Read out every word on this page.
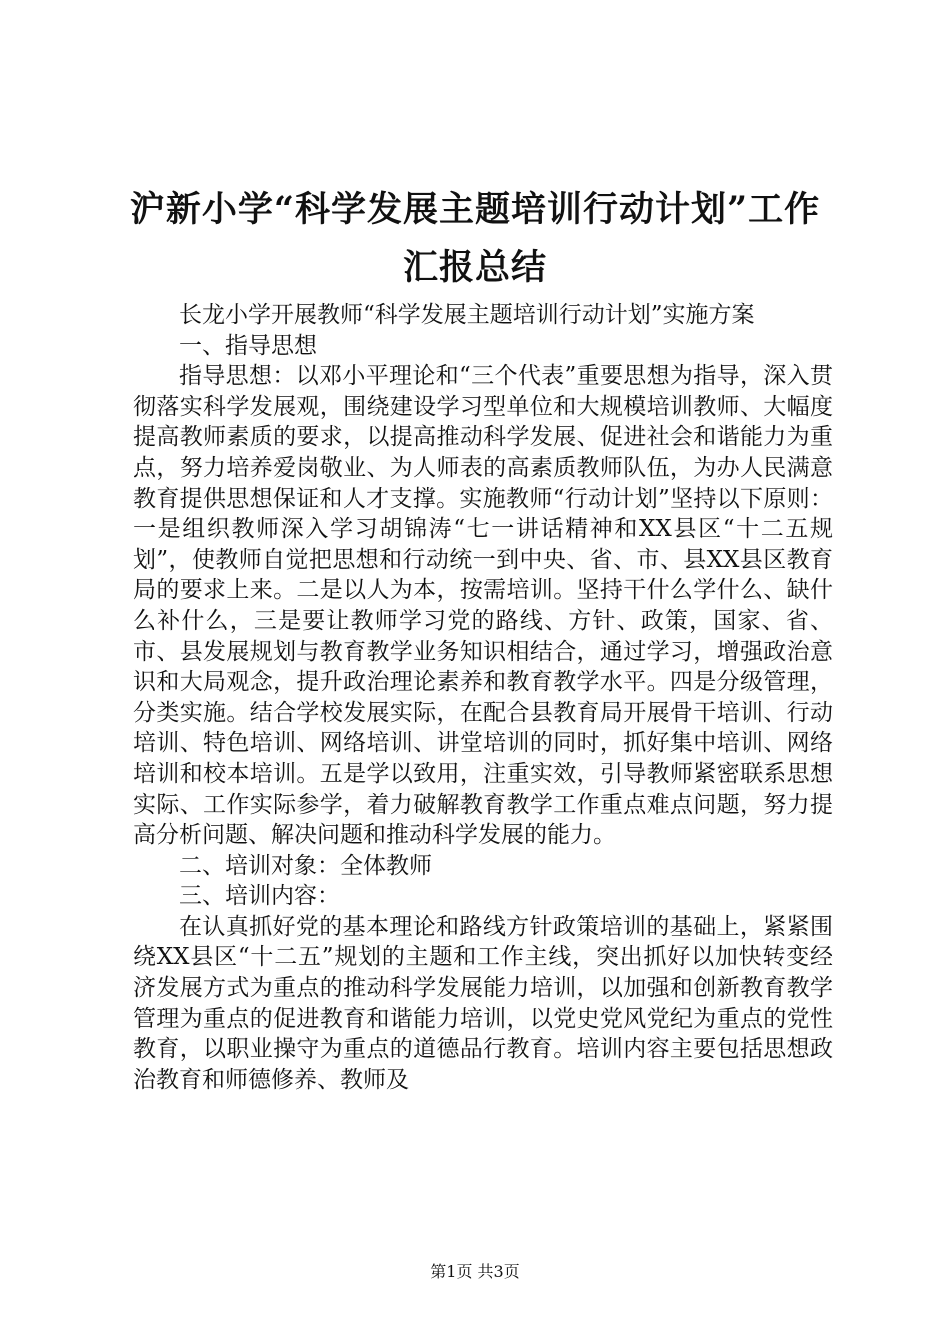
沪新小学“科学发展主题培训行动计划”工作
汇报总结

长龙小学开展教师“科学发展主题培训行动计划”实施方案

一、指导思想

指导思想：以邓小平理论和“三个代表”重要思想为指导，深入贯彻落实科学发展观，围绕建设学习型单位和大规模培训教师、大幅度提高教师素质的要求，以提高推动科学发展、促进社会和谐能力为重点，努力培养爱岗敬业、为人师表的高素质教师队伍，为办人民满意教育提供思想保证和人才支撑。实施教师“行动计划”坚持以下原则：一是组织教师深入学习胡锦涛“七一讲话精神和XX县区“十二五规划”，使教师自觉把思想和行动统一到中央、省、市、县XX县区教育局的要求上来。二是以人为本，按需培训。坚持干什么学什么、缺什么补什么，三是要让教师学习党的路线、方针、政策，国家、省、市、县发展规划与教育教学业务知识相结合，通过学习，增强政治意识和大局观念，提升政治理论素养和教育教学水平。四是分级管理，分类实施。结合学校发展实际，在配合县教育局开展骨干培训、行动培训、特色培训、网络培训、讲堂培训的同时，抓好集中培训、网络培训和校本培训。五是学以致用，注重实效，引导教师紧密联系思想实际、工作实际参学，着力破解教育教学工作重点难点问题，努力提高分析问题、解决问题和推动科学发展的能力。

二、培训对象：全体教师

三、培训内容：

在认真抓好党的基本理论和路线方针政策培训的基础上，紧紧围绕XX县区“十二五”规划的主题和工作主线，突出抓好以加快转变经济发展方式为重点的推动科学发展能力培训，以加强和创新教育教学管理为重点的促进教育和谐能力培训，以党史党风党纪为重点的党性教育，以职业操守为重点的道德品行教育。培训内容主要包括思想政治教育和师德修养、教师及

第1页 共3页
